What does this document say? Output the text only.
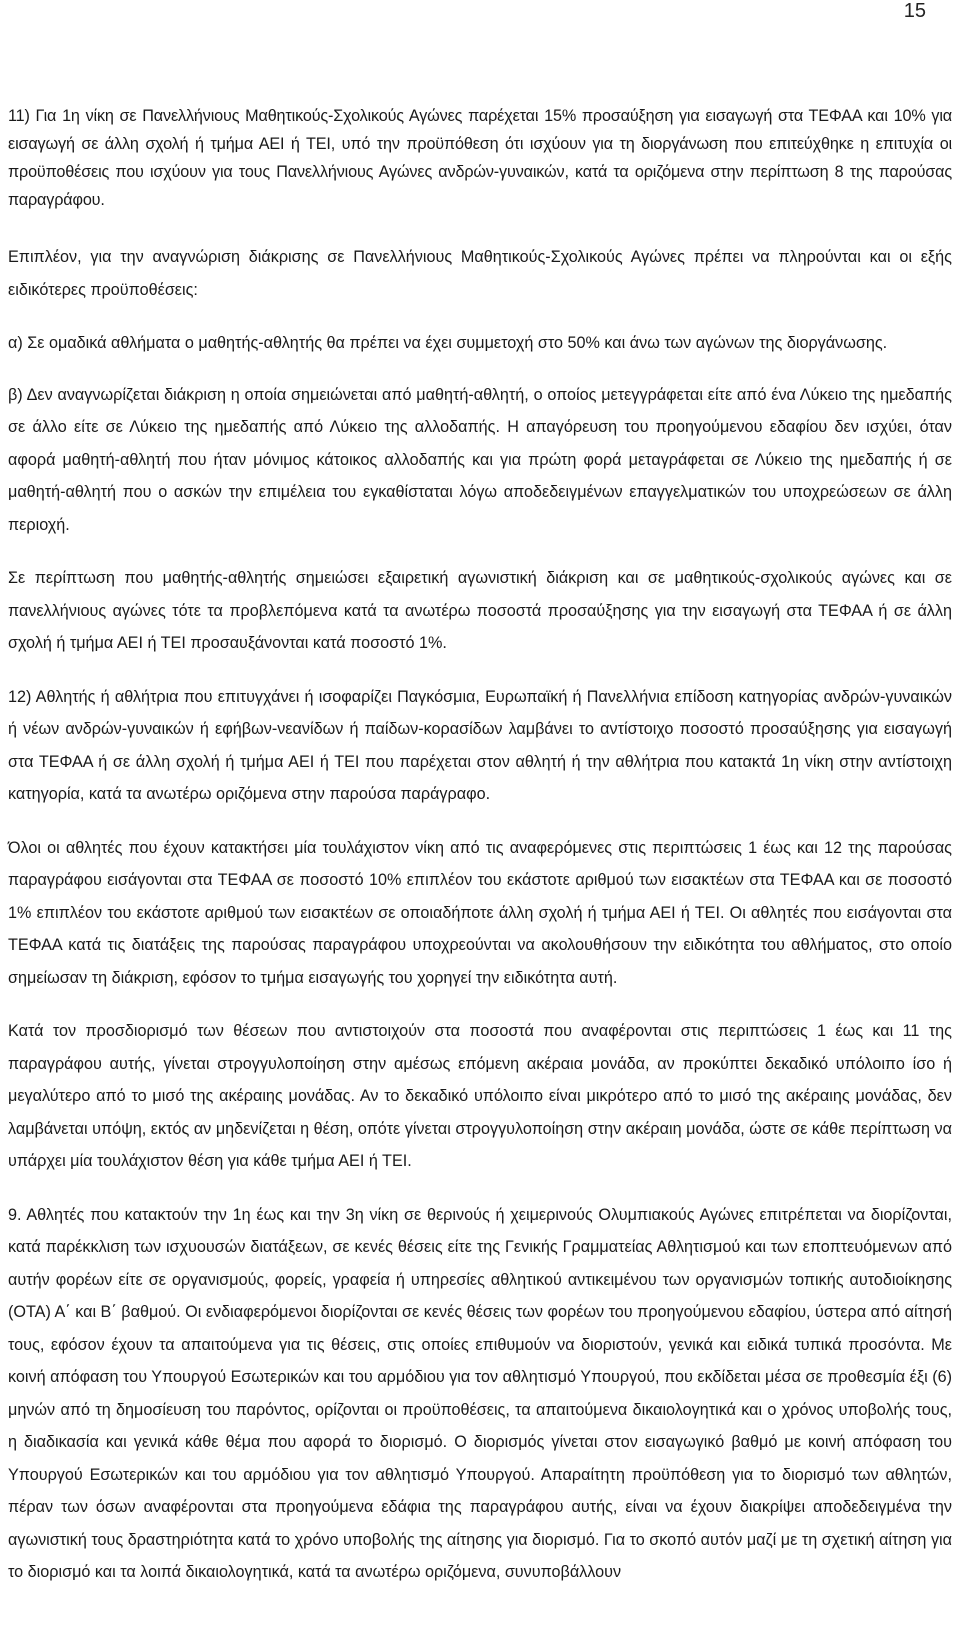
15

11) Για 1η νίκη σε Πανελλήνιους Μαθητικούς-Σχολικούς Αγώνες παρέχεται 15% προσαύξηση για εισαγωγή στα ΤΕΦΑΑ και 10% για εισαγωγή σε άλλη σχολή ή τμήμα ΑΕΙ ή ΤΕΙ, υπό την προϋπόθεση ότι ισχύουν για τη διοργάνωση που επιτεύχθηκε η επιτυχία οι προϋποθέσεις που ισχύουν για τους Πανελλήνιους Αγώνες ανδρών-γυναικών, κατά τα οριζόμενα στην περίπτωση 8 της παρούσας παραγράφου.

Επιπλέον, για την αναγνώριση διάκρισης σε Πανελλήνιους Μαθητικούς-Σχολικούς Αγώνες πρέπει να πληρούνται και οι εξής ειδικότερες προϋποθέσεις:

α) Σε ομαδικά αθλήματα ο μαθητής-αθλητής θα πρέπει να έχει συμμετοχή στο 50% και άνω των αγώνων της διοργάνωσης.

β) Δεν αναγνωρίζεται διάκριση η οποία σημειώνεται από μαθητή-αθλητή, ο οποίος μετεγγράφεται είτε από ένα Λύκειο της ημεδαπής σε άλλο είτε σε Λύκειο της ημεδαπής από Λύκειο της αλλοδαπής. Η απαγόρευση του προηγούμενου εδαφίου δεν ισχύει, όταν αφορά μαθητή-αθλητή που ήταν μόνιμος κάτοικος αλλοδαπής και για πρώτη φορά μεταγράφεται σε Λύκειο της ημεδαπής ή σε μαθητή-αθλητή που ο ασκών την επιμέλεια του εγκαθίσταται λόγω αποδεδειγμένων επαγγελματικών του υποχρεώσεων σε άλλη περιοχή.

Σε περίπτωση που μαθητής-αθλητής σημειώσει εξαιρετική αγωνιστική διάκριση και σε μαθητικούς-σχολικούς αγώνες και σε πανελλήνιους αγώνες τότε τα προβλεπόμενα κατά τα ανωτέρω ποσοστά προσαύξησης για την εισαγωγή στα ΤΕΦΑΑ ή σε άλλη σχολή ή τμήμα ΑΕΙ ή ΤΕΙ προσαυξάνονται κατά ποσοστό 1%.

12) Αθλητής ή αθλήτρια που επιτυγχάνει ή ισοφαρίζει Παγκόσμια, Ευρωπαϊκή ή Πανελλήνια επίδοση κατηγορίας ανδρών-γυναικών ή νέων ανδρών-γυναικών ή εφήβων-νεανίδων ή παίδων-κορασίδων λαμβάνει το αντίστοιχο ποσοστό προσαύξησης για εισαγωγή στα ΤΕΦΑΑ ή σε άλλη σχολή ή τμήμα ΑΕΙ ή ΤΕΙ που παρέχεται στον αθλητή ή την αθλήτρια που κατακτά 1η νίκη στην αντίστοιχη κατηγορία, κατά τα ανωτέρω οριζόμενα στην παρούσα παράγραφο.

Όλοι οι αθλητές που έχουν κατακτήσει μία τουλάχιστον νίκη από τις αναφερόμενες στις περιπτώσεις 1 έως και 12 της παρούσας παραγράφου εισάγονται στα ΤΕΦΑΑ σε ποσοστό 10% επιπλέον του εκάστοτε αριθμού των εισακτέων στα ΤΕΦΑΑ και σε ποσοστό 1% επιπλέον του εκάστοτε αριθμού των εισακτέων σε οποιαδήποτε άλλη σχολή ή τμήμα ΑΕΙ ή ΤΕΙ. Οι αθλητές που εισάγονται στα ΤΕΦΑΑ κατά τις διατάξεις της παρούσας παραγράφου υποχρεούνται να ακολουθήσουν την ειδικότητα του αθλήματος, στο οποίο σημείωσαν τη διάκριση, εφόσον το τμήμα εισαγωγής του χορηγεί την ειδικότητα αυτή.

Κατά τον προσδιορισμό των θέσεων που αντιστοιχούν στα ποσοστά που αναφέρονται στις περιπτώσεις 1 έως και 11 της παραγράφου αυτής, γίνεται στρογγυλοποίηση στην αμέσως επόμενη ακέραια μονάδα, αν προκύπτει δεκαδικό υπόλοιπο ίσο ή μεγαλύτερο από το μισό της ακέραιης μονάδας. Αν το δεκαδικό υπόλοιπο είναι μικρότερο από το μισό της ακέραιης μονάδας, δεν λαμβάνεται υπόψη, εκτός αν μηδενίζεται η θέση, οπότε γίνεται στρογγυλοποίηση στην ακέραιη μονάδα, ώστε σε κάθε περίπτωση να υπάρχει μία τουλάχιστον θέση για κάθε τμήμα ΑΕΙ ή ΤΕΙ.

9. Αθλητές που κατακτούν την 1η έως και την 3η νίκη σε θερινούς ή χειμερινούς Ολυμπιακούς Αγώνες επιτρέπεται να διορίζονται, κατά παρέκκλιση των ισχυουσών διατάξεων, σε κενές θέσεις είτε της Γενικής Γραμματείας Αθλητισμού και των εποπτευόμενων από αυτήν φορέων είτε σε οργανισμούς, φορείς, γραφεία ή υπηρεσίες αθλητικού αντικειμένου των οργανισμών τοπικής αυτοδιοίκησης (ΟΤΑ) Α΄ και Β΄ βαθμού. Οι ενδιαφερόμενοι διορίζονται σε κενές θέσεις των φορέων του προηγούμενου εδαφίου, ύστερα από αίτησή τους, εφόσον έχουν τα απαιτούμενα για τις θέσεις, στις οποίες επιθυμούν να διοριστούν, γενικά και ειδικά τυπικά προσόντα. Με κοινή απόφαση του Υπουργού Εσωτερικών και του αρμόδιου για τον αθλητισμό Υπουργού, που εκδίδεται μέσα σε προθεσμία έξι (6) μηνών από τη δημοσίευση του παρόντος, ορίζονται οι προϋποθέσεις, τα απαιτούμενα δικαιολογητικά και ο χρόνος υποβολής τους, η διαδικασία και γενικά κάθε θέμα που αφορά το διορισμό. Ο διορισμός γίνεται στον εισαγωγικό βαθμό με κοινή απόφαση του Υπουργού Εσωτερικών και του αρμόδιου για τον αθλητισμό Υπουργού. Απαραίτητη προϋπόθεση για το διορισμό των αθλητών, πέραν των όσων αναφέρονται στα προηγούμενα εδάφια της παραγράφου αυτής, είναι να έχουν διακρίψει αποδεδειγμένα την αγωνιστική τους δραστηριότητα κατά το χρόνο υποβολής της αίτησης για διορισμό. Για το σκοπό αυτόν μαζί με τη σχετική αίτηση για το διορισμό και τα λοιπά δικαιολογητικά, κατά τα ανωτέρω οριζόμενα, συνυποβάλλουν
